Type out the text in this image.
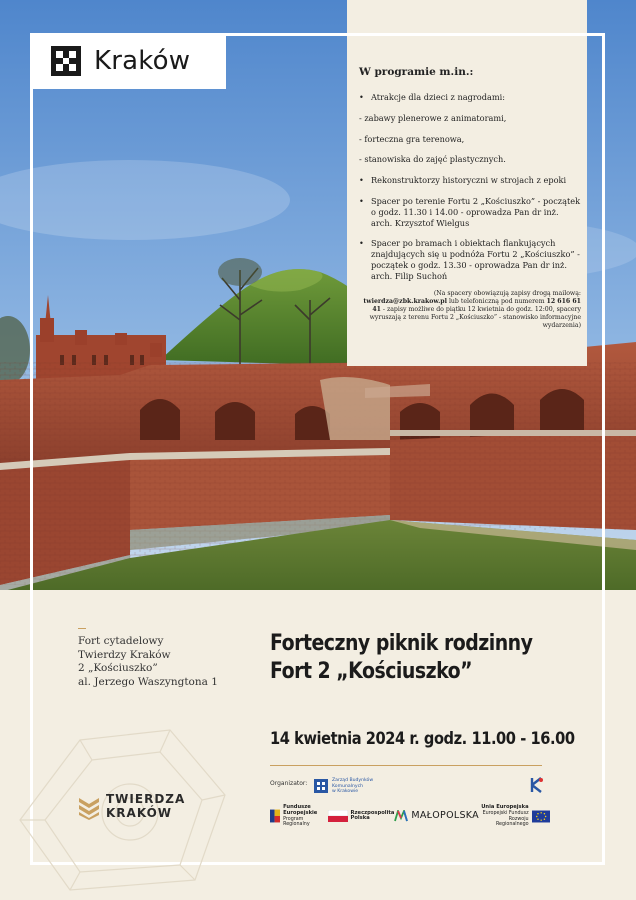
Kraków	W programie m.in.:
• Atrakcje dla dzieci z nagrodami:
- zabawy plenerowe z animatorami,
- forteczna gra terenowa,
- stanowiska do zajęć plastycznych.
• Rekonstruktorzy historyczni w strojach z epoki
• Spacer po terenie Fortu 2 „Kościuszko” - początek o godz. 11.30 i 14.00 - oprowadza Pan dr inż. arch. Krzysztof Wielgus
• Spacer po bramach i obiektach flankujących znajdujących się u podnóża Fortu 2 „Kościuszko” - początek o godz. 13.30 - oprowadza Pan dr inż. arch. Filip Suchoń
(Na spacery obowiązują zapisy drogą mailową:
twierdza@zbk.krakow.pl lub telefoniczną pod numerem 12 616 61 41 - zapisy możliwe do piątku 12 kwietnia do godz. 12:00, spacery wyruszają z terenu Fortu 2 „Kościuszko” - stanowisko informacyjne wydarzenia)
Fort cytadelowy
Twierdzy Kraków
2 „Kościuszko”
al. Jerzego Waszyngtona 1
Forteczny piknik rodzinny
Fort 2 „Kościuszko”
14 kwietnia 2024 r. godz. 11.00 - 16.00
Organizator:	Zarząd Budynków
Komunalnych
w Krakowie
Fundusze
Europejskie
Program Regionalny
Rzeczpospolita
Polska	MAŁOPOLSKA
Unia Europejska
Europejski Fundusz
Rozwoju Regionalnego
TWIERDZA
KRAKÓW
